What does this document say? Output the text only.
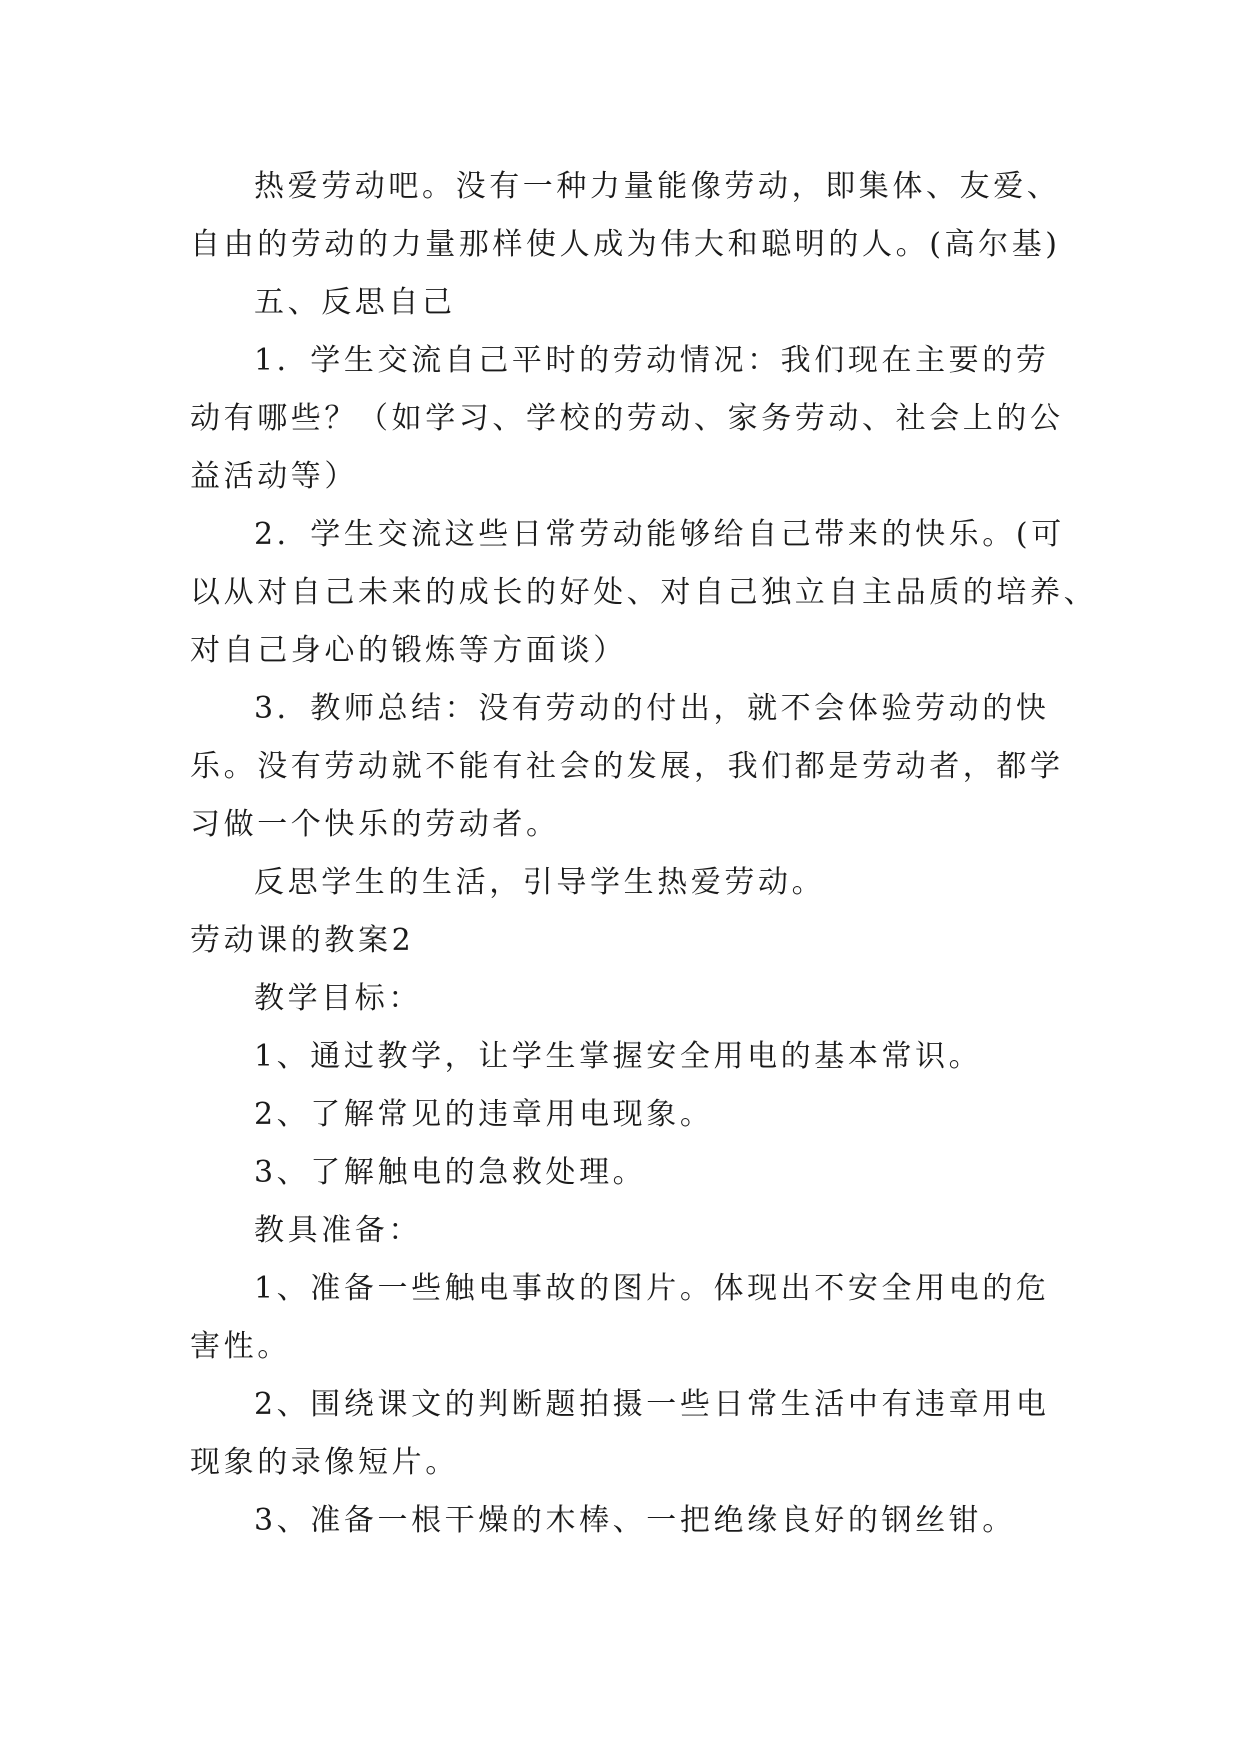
热爱劳动吧。没有一种力量能像劳动，即集体、友爱、

自由的劳动的力量那样使人成为伟大和聪明的人。(高尔基)

五、反思自己

1．学生交流自己平时的劳动情况：我们现在主要的劳

动有哪些？（如学习、学校的劳动、家务劳动、社会上的公

益活动等）

2．学生交流这些日常劳动能够给自己带来的快乐。(可

以从对自己未来的成长的好处、对自己独立自主品质的培养、

对自己身心的锻炼等方面谈）

3．教师总结：没有劳动的付出，就不会体验劳动的快

乐。没有劳动就不能有社会的发展，我们都是劳动者，都学

习做一个快乐的劳动者。

反思学生的生活，引导学生热爱劳动。

劳动课的教案2

教学目标：

1、通过教学，让学生掌握安全用电的基本常识。

2、了解常见的违章用电现象。

3、了解触电的急救处理。

教具准备：

1、准备一些触电事故的图片。体现出不安全用电的危

害性。

2、围绕课文的判断题拍摄一些日常生活中有违章用电

现象的录像短片。

3、准备一根干燥的木棒、一把绝缘良好的钢丝钳。
